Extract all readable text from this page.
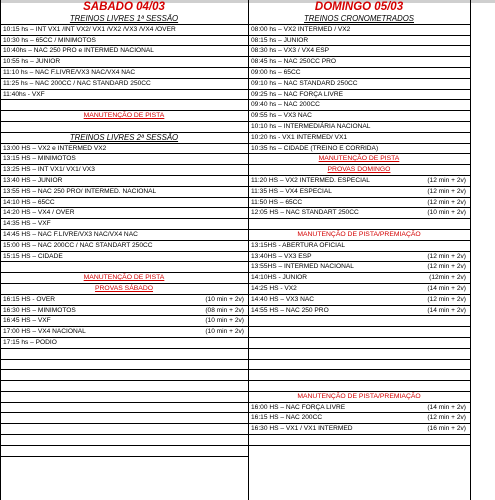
SABADO 04/03
TREINOS LIVRES 1ª SESSÃO
10:15 hs – INT VX1 /INT VX2/ VX1 /VX2 /VX3 /VX4 /OVER
10:30 hs – 65CC / MINIMOTOS
10:40hs – NAC 250 PRO e INTERMED NACIONAL
10:55 hs – JUNIOR
11:10 hs – NAC F.LIVRE/VX3 NAC/VX4 NAC
11:25 hs – NAC 200CC / NAC STANDARD 250CC
11:40hs - VXF
MANUTENÇÃO DE PISTA
TREINOS LIVRES 2ª SESSÃO
13:00 HS – VX2 e INTERMED VX2
13:15 HS – MINIMOTOS
13:25 HS – INT VX1/ VX1/ VX3
13:40 HS – JUNIOR
13:55 HS – NAC 250 PRO/ INTERMED. NACIONAL
14:10 HS – 65CC
14:20 HS – VX4 / OVER
14:35 HS – VXF
14:45 HS – NAC F.LIVRE/VX3 NAC/VX4 NAC
15:00 HS – NAC 200CC / NAC STANDART 250CC
15:15 HS – CIDADE
MANUTENÇÃO DE PISTA
PROVAS SÁBADO
16:15 HS - OVER	(10 min + 2v)
16:30 HS – MINIMOTOS	(08 min + 2v)
16:45 HS – VXF	(10 min + 2v)
17:00 HS – VX4 NACIONAL	(10 min + 2v)
17:15 hs – PODIO
DOMINGO 05/03
TREINOS CRONOMETRADOS
08:00 hs – VX2 INTERMED / VX2
08:15 hs – JUNIOR
08:30 hs – VX3 / VX4 ESP
08:45 hs – NAC 250CC PRO
09:00 hs – 65CC
09:10 hs – NAC STANDARD 250CC
09:25 hs – NAC FORÇA LIVRE
09:40 hs – NAC 200CC
09:55 hs – VX3 NAC
10:10 hs – INTERMEDIÁRIA NACIONAL
10:20 hs - VX1 INTERMED/ VX1
10:35 hs – CIDADE (TREINO E CORRIDA)
MANUTENÇÃO DE PISTA
PROVAS DOMINGO
11:20 HS – VX2 INTERMED. ESPECIAL	(12 min + 2v)
11:35 HS – VX4 ESPECIAL	(12 min + 2v)
11:50 HS – 65CC	(12 min + 2v)
12:05 HS – NAC STANDART 250CC	(10 min + 2v)
MANUTENÇÃO DE PISTA/PREMIAÇÃO
13:15HS - ABERTURA OFICIAL
13:40HS – VX3 ESP	(12 min + 2v)
13:55HS – INTERMED NACIONAL	(12 min + 2v)
14:10HS - JUNIOR	(12min + 2v)
14:25 HS - VX2	(14 min + 2v)
14:40 HS – VX3 NAC	(12 min + 2v)
14:55 HS – NAC 250 PRO	(14 min + 2v)
MANUTENÇÃO DE PISTA/PREMIAÇÃO
16:00 HS – NAC FORÇA LIVRE	(14 min + 2v)
16:15 HS – NAC 200CC	(12 min + 2v)
16:30 HS – VX1 / VX1 INTERMED	(16 min + 2v)
